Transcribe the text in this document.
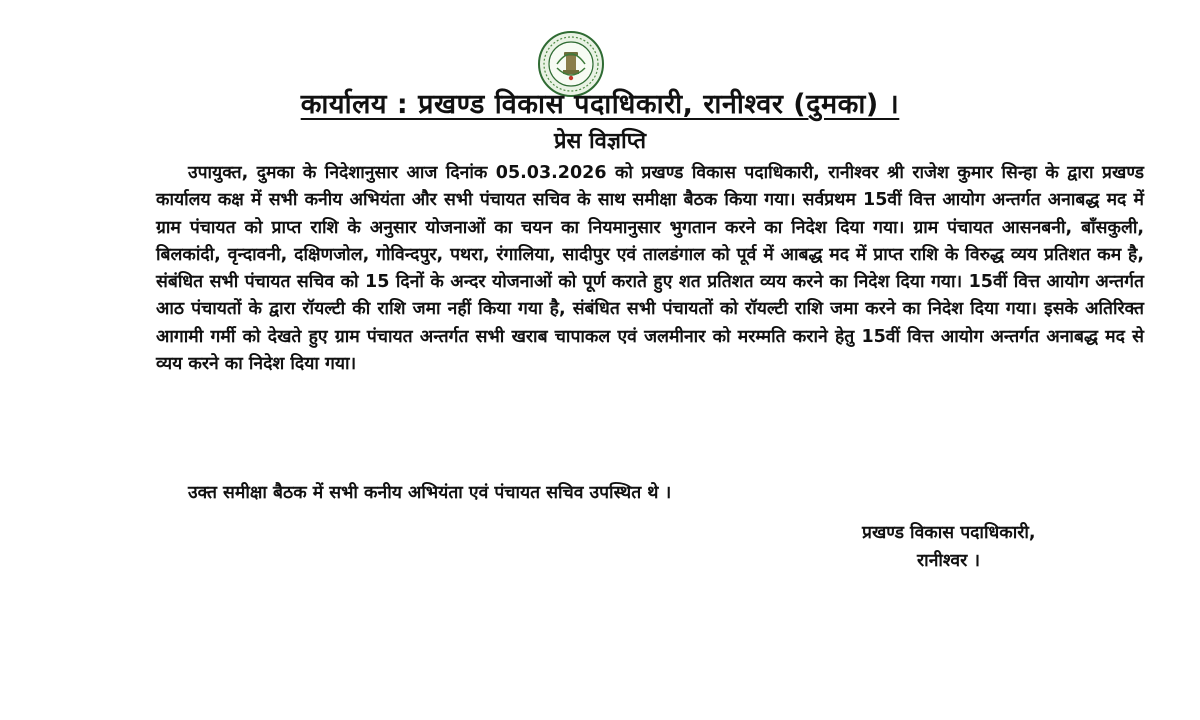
कार्यालय : प्रखण्ड विकास पदाधिकारी, रानीश्वर (दुमका) ।
प्रेस विज्ञप्ति

उपायुक्त, दुमका के निदेशानुसार आज दिनांक 05.03.2026 को प्रखण्ड विकास पदाधिकारी, रानीश्वर श्री राजेश कुमार सिन्हा के द्वारा प्रखण्ड कार्यालय कक्ष में सभी कनीय अभियंता और सभी पंचायत सचिव के साथ समीक्षा बैठक किया गया। सर्वप्रथम 15वीं वित्त आयोग अन्तर्गत अनाबद्ध मद में ग्राम पंचायत को प्राप्त राशि के अनुसार योजनाओं का चयन का नियमानुसार भुगतान करने का निदेश दिया गया। ग्राम पंचायत आसनबनी, बाँसकुली, बिलकांदी, वृन्दावनी, दक्षिणजोल, गोविन्दपुर, पथरा, रंगालिया, सादीपुर एवं तालडंगाल को पूर्व में आबद्ध मद में प्राप्त राशि के विरुद्ध व्यय प्रतिशत कम है, संबंधित सभी पंचायत सचिव को 15 दिनों के अन्दर योजनाओं को पूर्ण कराते हुए शत प्रतिशत व्यय करने का निदेश दिया गया। 15वीं वित्त आयोग अन्तर्गत आठ पंचायतों के द्वारा रॉयल्टी की राशि जमा नहीं किया गया है, संबंधित सभी पंचायतों को रॉयल्टी राशि जमा करने का निदेश दिया गया। इसके अतिरिक्त आगामी गर्मी को देखते हुए ग्राम पंचायत अन्तर्गत सभी खराब चापाकल एवं जलमीनार को मरम्मति कराने हेतु 15वीं वित्त आयोग अन्तर्गत अनाबद्ध मद से व्यय करने का निदेश दिया गया।

उक्त समीक्षा बैठक में सभी कनीय अभियंता एवं पंचायत सचिव उपस्थित थे ।

प्रखण्ड विकास पदाधिकारी,
रानीश्वर ।
